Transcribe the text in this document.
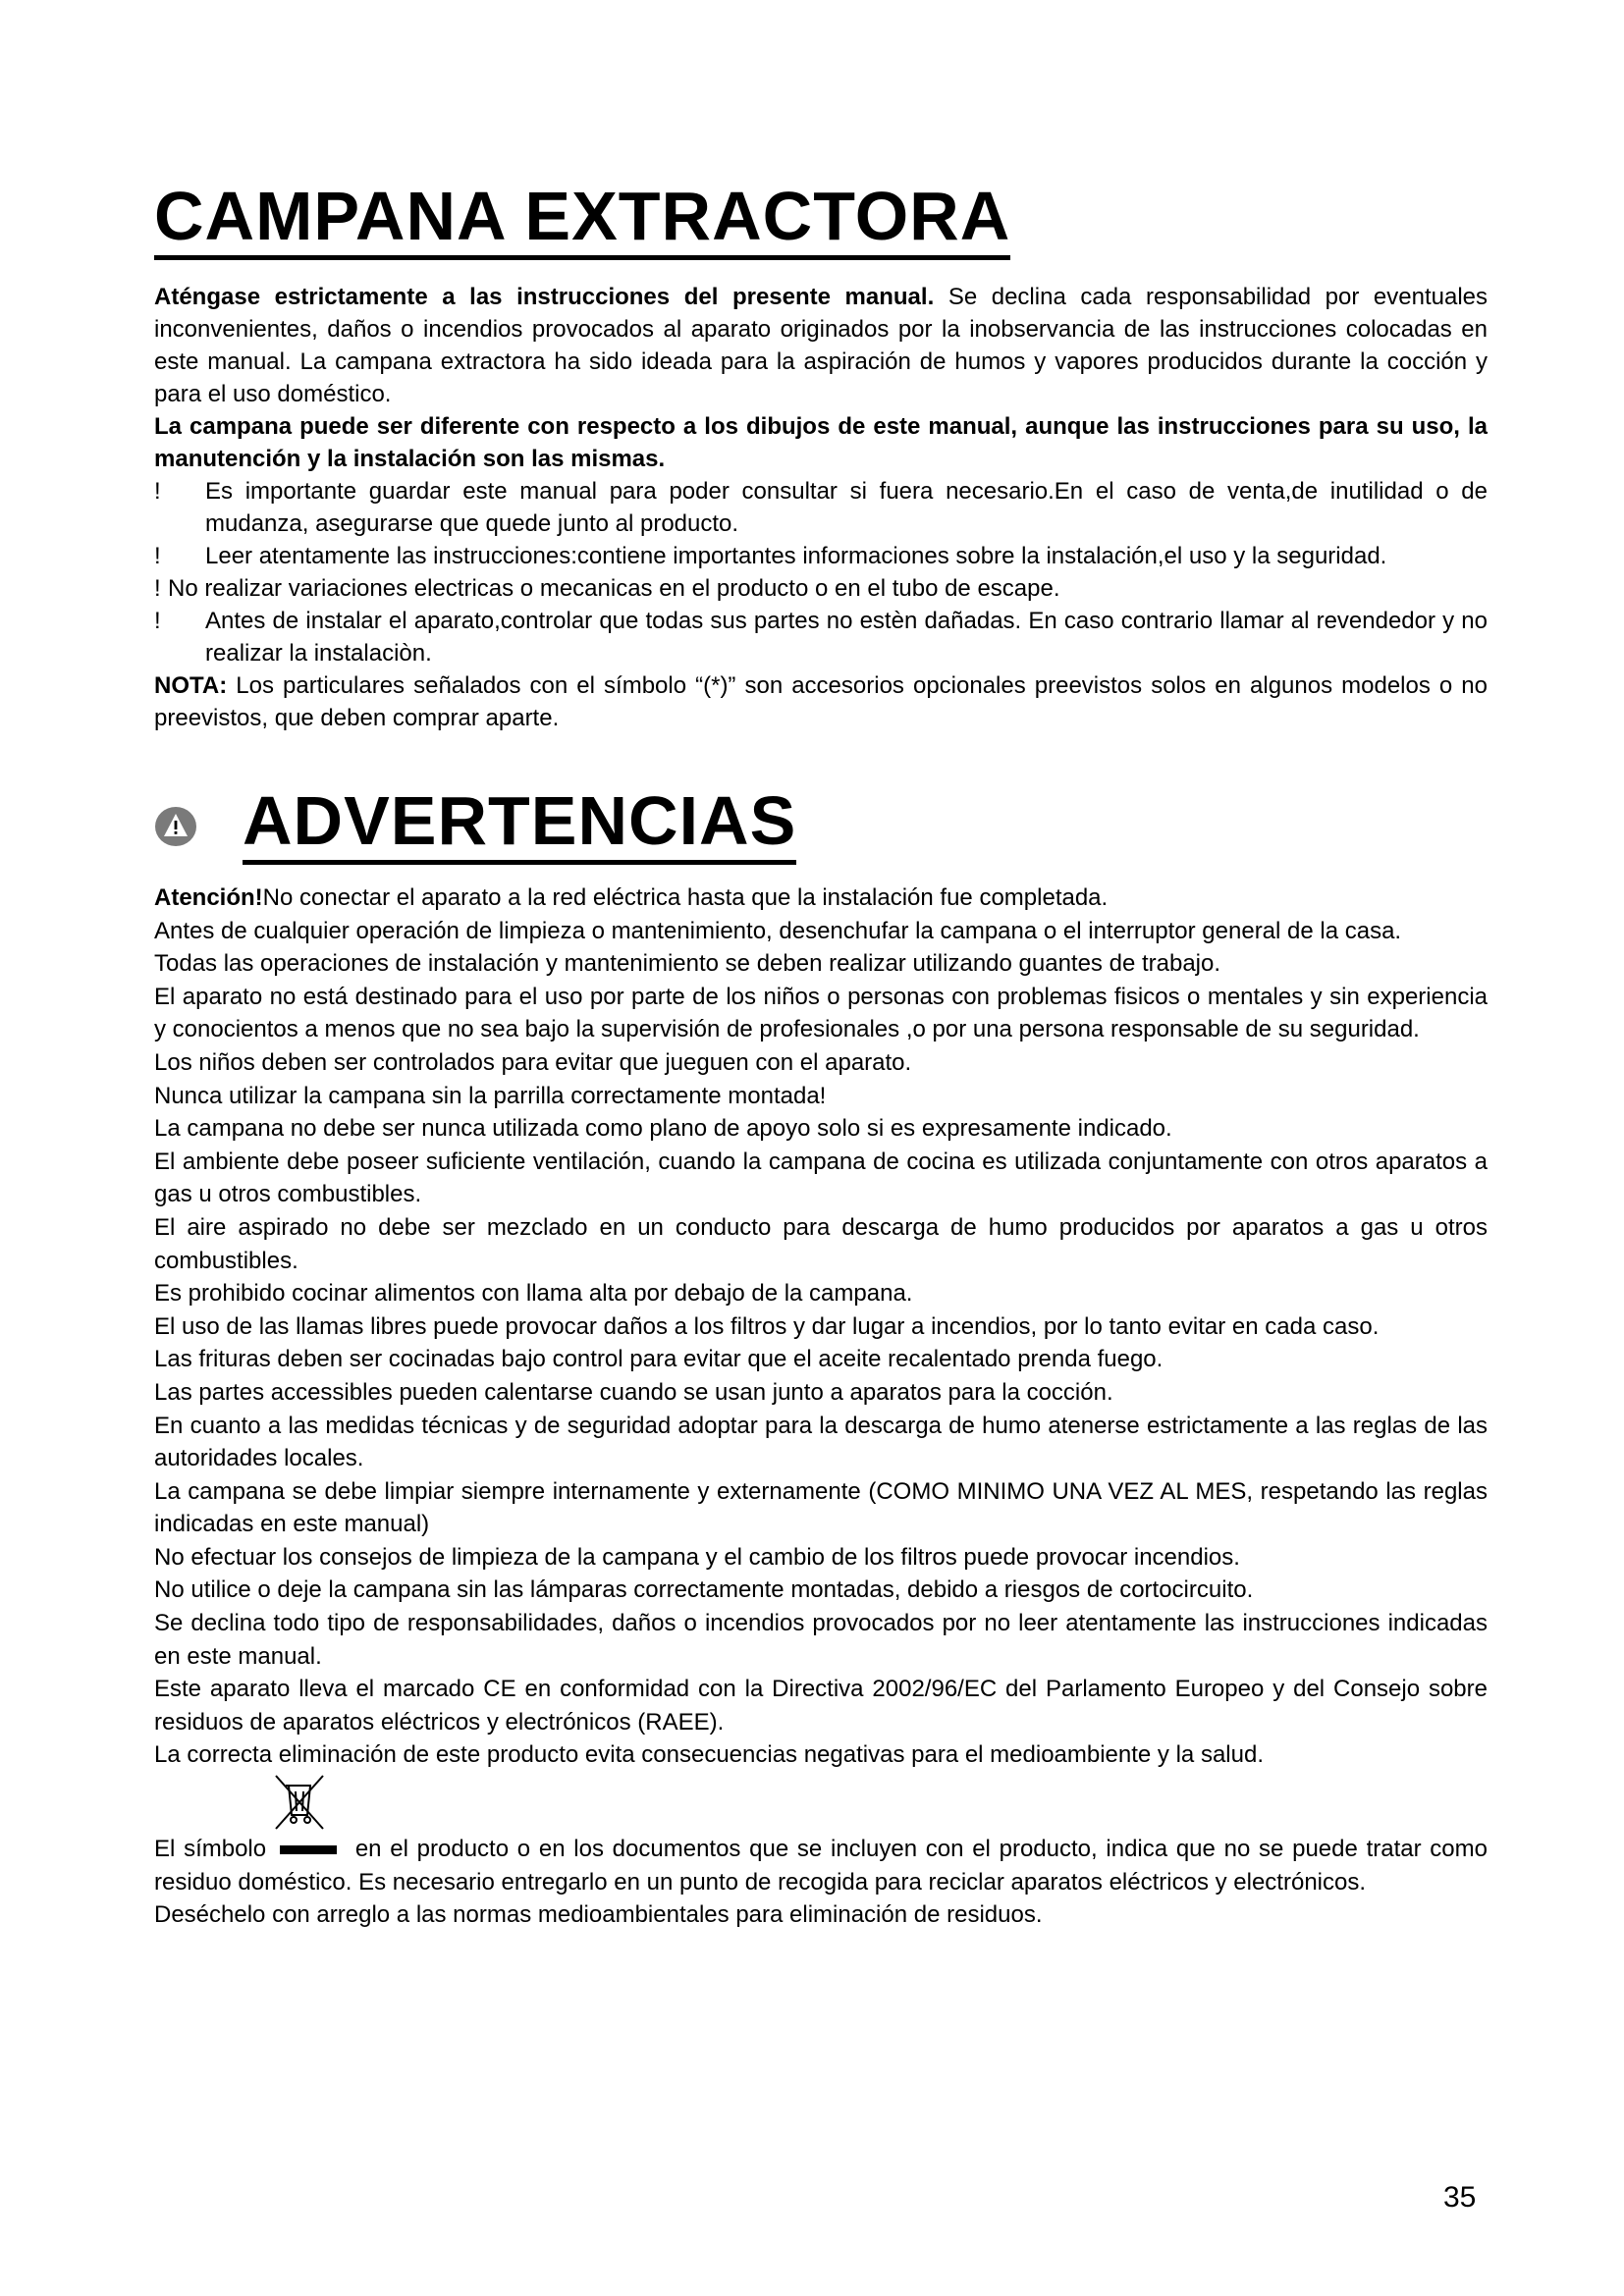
CAMPANA EXTRACTORA

Aténgase estrictamente a las instrucciones del presente manual. Se declina cada responsabilidad por eventuales inconvenientes, daños o incendios provocados al aparato originados por la inobservancia de las instrucciones colocadas en este manual. La campana extractora ha sido ideada para la aspiración de humos y vapores producidos durante la cocción y para el uso doméstico.

La campana puede ser diferente con respecto a los dibujos de este manual, aunque las instrucciones para su uso, la manutención y la instalación son las mismas.

!	Es importante guardar este manual para poder consultar si fuera necesario.En el caso de venta,de inutilidad o de mudanza, asegurarse que quede junto al producto.
!	Leer atentamente las instrucciones:contiene importantes informaciones sobre la instalación,el uso y la seguridad.
! No realizar variaciones electricas o mecanicas en el producto o en el tubo de escape.
!	Antes de instalar el aparato,controlar que todas sus partes no estèn dañadas. En caso contrario llamar al revendedor y no realizar la instalaciòn.

NOTA: Los particulares señalados con el símbolo “(*)” son accesorios opcionales preevistos solos en algunos modelos o no preevistos, que deben comprar aparte.

ADVERTENCIAS

Atención!No conectar el aparato a la red eléctrica hasta que la instalación fue completada.

Antes de cualquier operación de limpieza o mantenimiento, desenchufar la campana o el interruptor general de la casa.

Todas las operaciones de instalación y mantenimiento se deben realizar utilizando guantes de trabajo.

El aparato no está destinado para el uso por parte de los niños o personas con problemas fisicos o mentales y sin experiencia y conocientos a menos que no sea bajo la supervisión de profesionales ,o por una persona responsable de su seguridad.

Los niños deben ser controlados para evitar que jueguen con el aparato.

Nunca utilizar la campana sin la parrilla correctamente montada!

La campana no debe ser nunca utilizada como plano de apoyo solo si es expresamente indicado.

El ambiente debe poseer suficiente ventilación, cuando la campana de cocina es utilizada conjuntamente con otros aparatos a gas u otros combustibles.

El aire aspirado no debe ser mezclado en un conducto para descarga de humo producidos por aparatos a gas u otros combustibles.

Es prohibido cocinar alimentos con llama alta por debajo de la campana.

El uso de las llamas libres puede provocar daños a los filtros y dar lugar a incendios, por lo tanto evitar en cada caso.

Las frituras deben ser cocinadas bajo control para evitar que el aceite recalentado prenda fuego.

Las partes accessibles pueden calentarse cuando se usan junto a aparatos para la cocción.

En cuanto a las medidas técnicas y de seguridad adoptar para la descarga de humo atenerse estrictamente a las reglas de las autoridades locales.

La campana se debe limpiar siempre internamente y externamente (COMO MINIMO UNA VEZ AL MES, respetando las reglas indicadas en este manual)

No efectuar los consejos de limpieza de la campana y el cambio de los filtros puede provocar incendios.

No utilice o deje la campana sin las lámparas correctamente montadas, debido a riesgos de cortocircuito.

Se declina todo tipo de responsabilidades, daños o incendios provocados por no leer atentamente las instrucciones indicadas en este manual.

Este aparato lleva el marcado CE en conformidad con la Directiva 2002/96/EC del Parlamento Europeo y del Consejo sobre residuos de aparatos eléctricos y electrónicos (RAEE).

La correcta eliminación de este producto evita consecuencias negativas para el medioambiente y la salud.

El símbolo	en el producto o en los documentos que se incluyen con el producto, indica que no se puede tratar como residuo doméstico. Es necesario entregarlo en un punto de recogida para reciclar aparatos eléctricos y electrónicos.

Deséchelo con arreglo a las normas medioambientales para eliminación de residuos.

35
